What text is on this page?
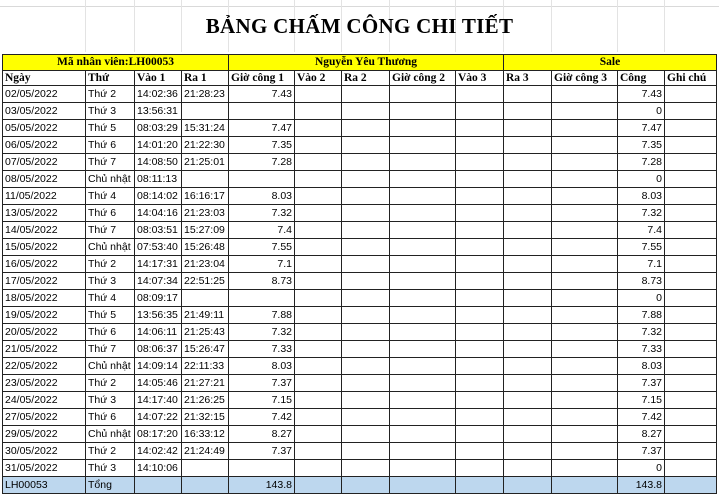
BẢNG CHẤM CÔNG CHI TIẾT
Mã nhân viên:LH00053				Nguyễn Yêu Thương					Sale			
Ngày	Thứ	Vào 1	Ra 1	Giờ công 1	Vào 2	Ra 2	Giờ công 2	Vào 3	Ra 3	Giờ công 3	Công	Ghi chú
02/05/2022	Thứ 2	14:02:36	21:28:23	7.43							7.43	
03/05/2022	Thứ 3	13:56:31									0	
05/05/2022	Thứ 5	08:03:29	15:31:24	7.47							7.47	
06/05/2022	Thứ 6	14:01:20	21:22:30	7.35							7.35	
07/05/2022	Thứ 7	14:08:50	21:25:01	7.28							7.28	
08/05/2022	Chủ nhật	08:11:13									0	
11/05/2022	Thứ 4	08:14:02	16:16:17	8.03							8.03	
13/05/2022	Thứ 6	14:04:16	21:23:03	7.32							7.32	
14/05/2022	Thứ 7	08:03:51	15:27:09	7.4							7.4	
15/05/2022	Chủ nhật	07:53:40	15:26:48	7.55							7.55	
16/05/2022	Thứ 2	14:17:31	21:23:04	7.1							7.1	
17/05/2022	Thứ 3	14:07:34	22:51:25	8.73							8.73	
18/05/2022	Thứ 4	08:09:17									0	
19/05/2022	Thứ 5	13:56:35	21:49:11	7.88							7.88	
20/05/2022	Thứ 6	14:06:11	21:25:43	7.32							7.32	
21/05/2022	Thứ 7	08:06:37	15:26:47	7.33							7.33	
22/05/2022	Chủ nhật	14:09:14	22:11:33	8.03							8.03	
23/05/2022	Thứ 2	14:05:46	21:27:21	7.37							7.37	
24/05/2022	Thứ 3	14:17:40	21:26:25	7.15							7.15	
27/05/2022	Thứ 6	14:07:22	21:32:15	7.42							7.42	
29/05/2022	Chủ nhật	08:17:20	16:33:12	8.27							8.27	
30/05/2022	Thứ 2	14:02:42	21:24:49	7.37							7.37	
31/05/2022	Thứ 3	14:10:06									0	
LH00053	Tổng			143.8							143.8	
